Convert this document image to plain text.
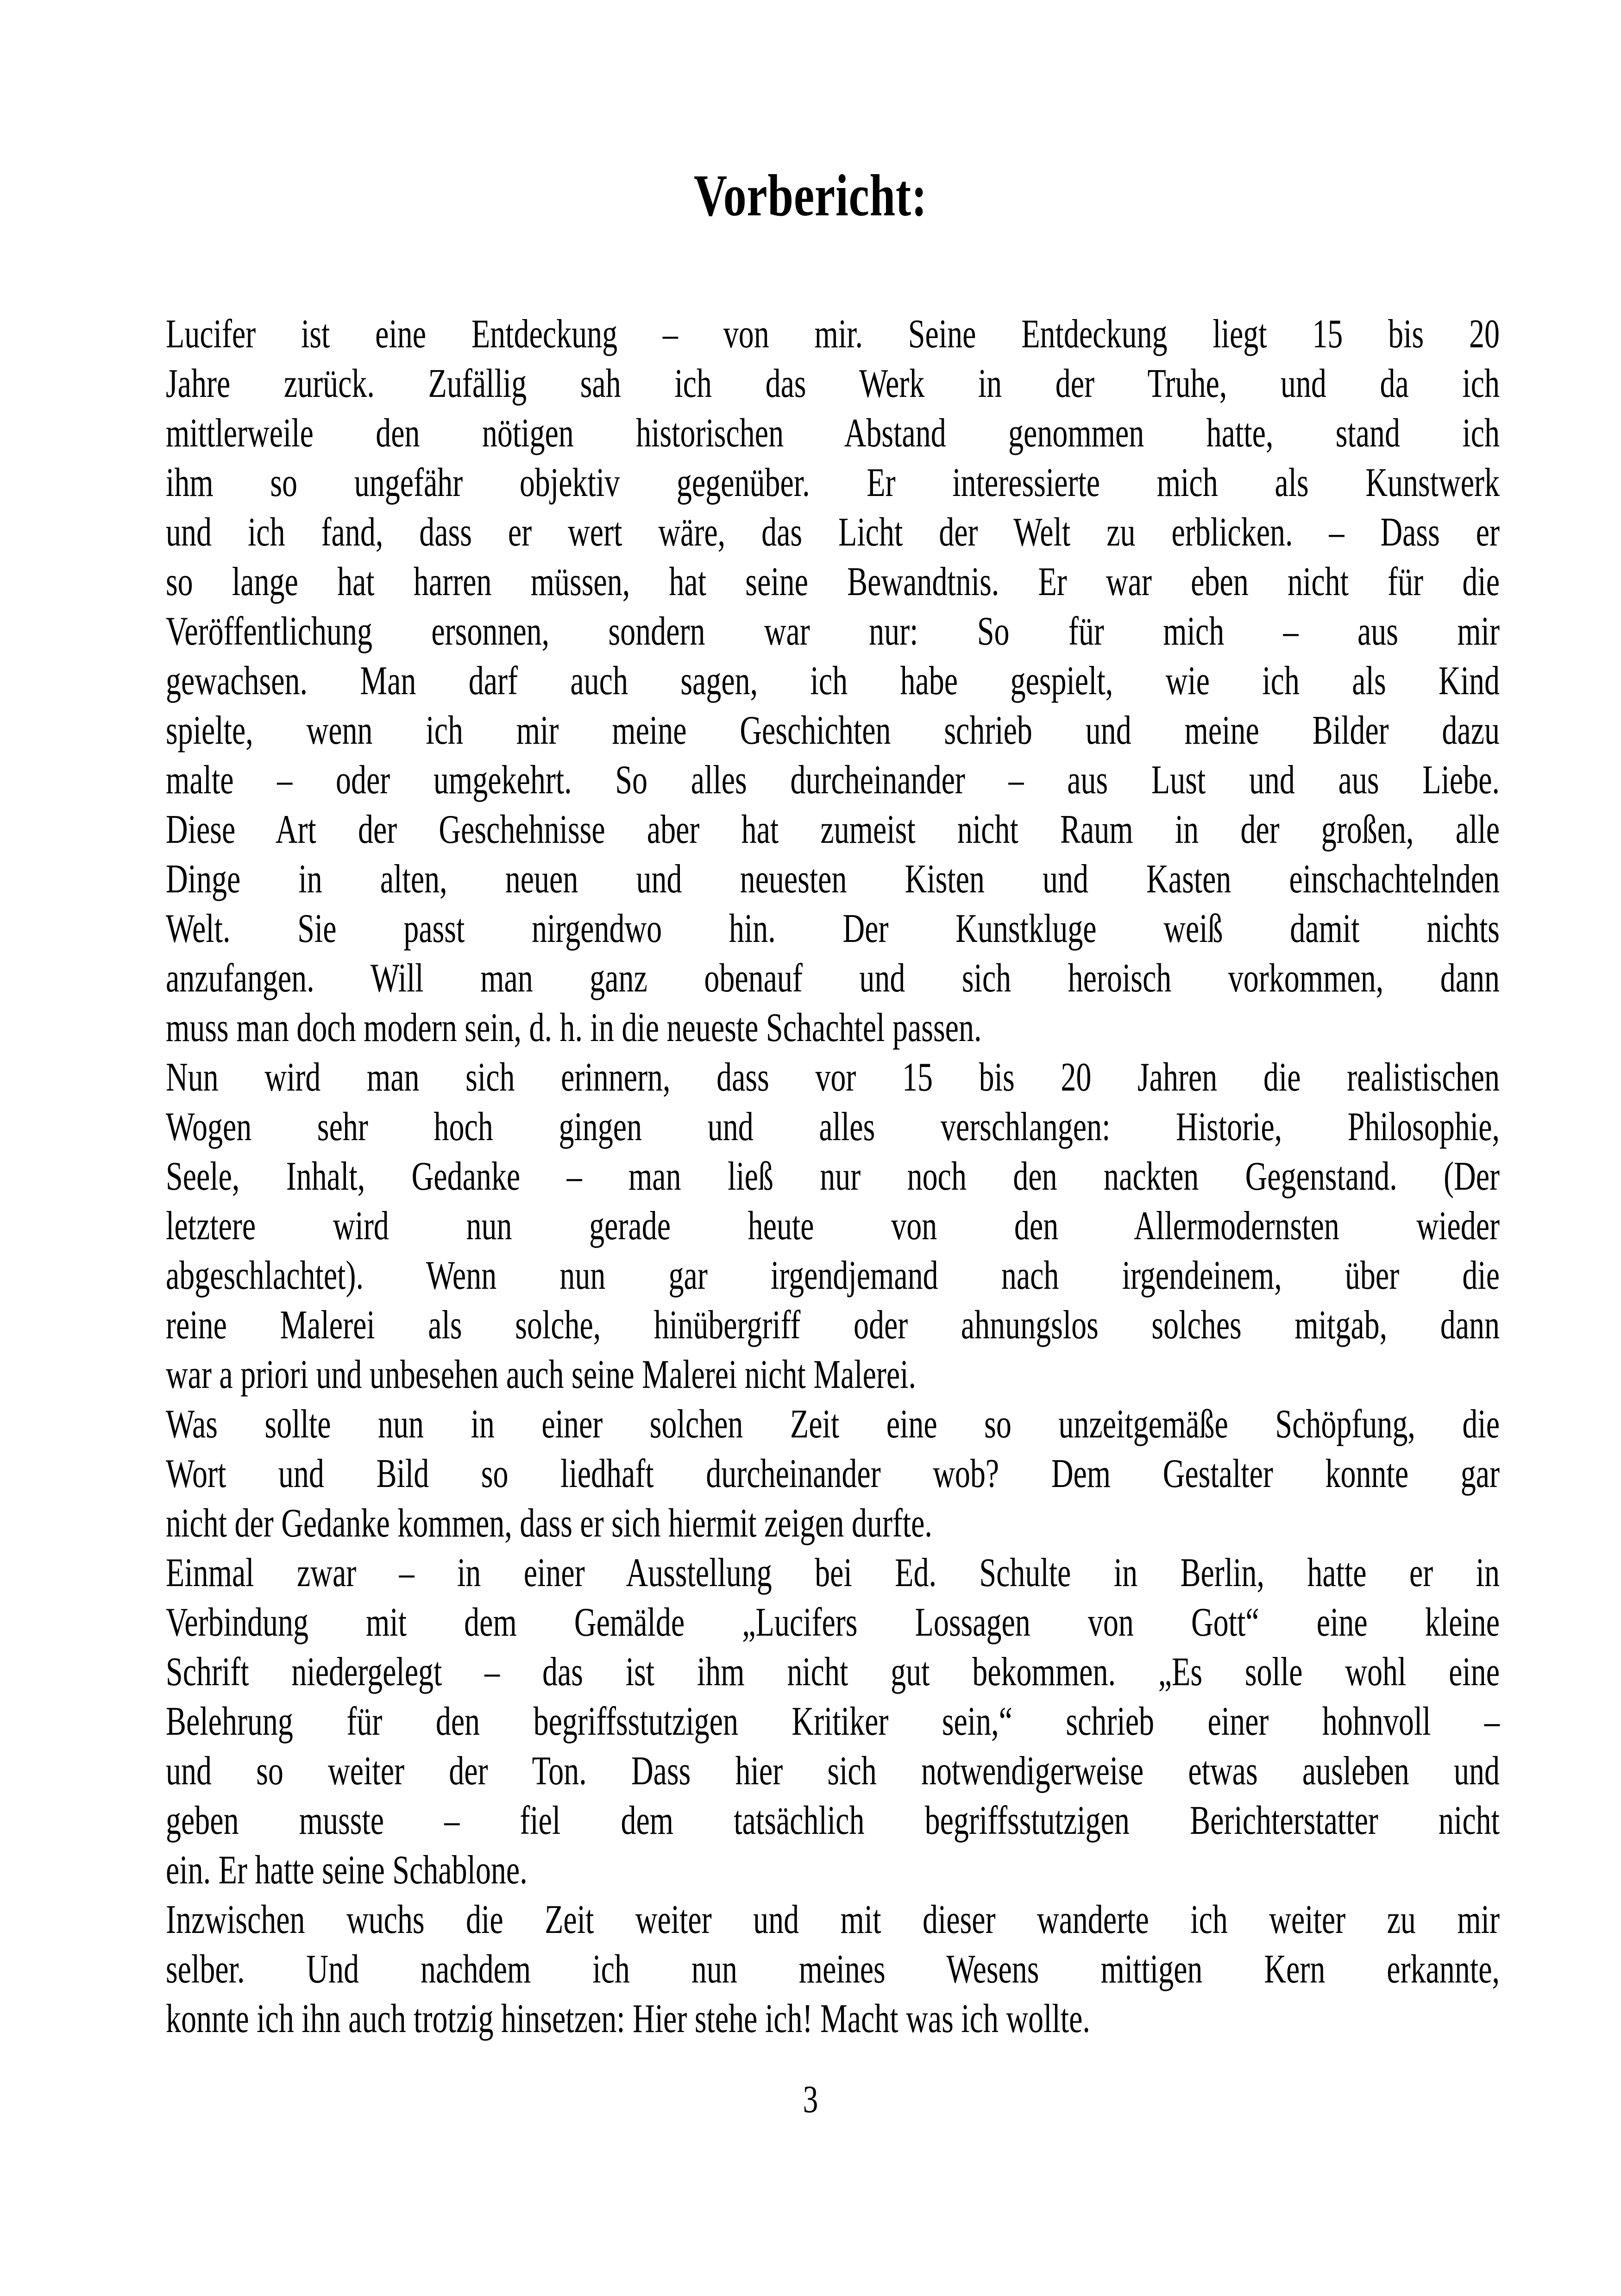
Vorbericht:
Lucifer ist eine Entdeckung – von mir. Seine Entdeckung liegt 15 bis 20
Jahre zurück. Zufällig sah ich das Werk in der Truhe, und da ich
mittlerweile den nötigen historischen Abstand genommen hatte, stand ich
ihm so ungefähr objektiv gegenüber. Er interessierte mich als Kunstwerk
und ich fand, dass er wert wäre, das Licht der Welt zu erblicken. – Dass er
so lange hat harren müssen, hat seine Bewandtnis. Er war eben nicht für die
Veröffentlichung ersonnen, sondern war nur: So für mich – aus mir
gewachsen. Man darf auch sagen, ich habe gespielt, wie ich als Kind
spielte, wenn ich mir meine Geschichten schrieb und meine Bilder dazu
malte – oder umgekehrt. So alles durcheinander – aus Lust und aus Liebe.
Diese Art der Geschehnisse aber hat zumeist nicht Raum in der großen, alle
Dinge in alten, neuen und neuesten Kisten und Kasten einschachtelnden
Welt. Sie passt nirgendwo hin. Der Kunstkluge weiß damit nichts
anzufangen. Will man ganz obenauf und sich heroisch vorkommen, dann
muss man doch modern sein, d. h. in die neueste Schachtel passen.
Nun wird man sich erinnern, dass vor 15 bis 20 Jahren die realistischen
Wogen sehr hoch gingen und alles verschlangen: Historie, Philosophie,
Seele, Inhalt, Gedanke – man ließ nur noch den nackten Gegenstand. (Der
letztere wird nun gerade heute von den Allermodernsten wieder
abgeschlachtet). Wenn nun gar irgendjemand nach irgendeinem, über die
reine Malerei als solche, hinübergriff oder ahnungslos solches mitgab, dann
war a priori und unbesehen auch seine Malerei nicht Malerei.
Was sollte nun in einer solchen Zeit eine so unzeitgemäße Schöpfung, die
Wort und Bild so liedhaft durcheinander wob? Dem Gestalter konnte gar
nicht der Gedanke kommen, dass er sich hiermit zeigen durfte.
Einmal zwar – in einer Ausstellung bei Ed. Schulte in Berlin, hatte er in
Verbindung mit dem Gemälde „Lucifers Lossagen von Gott“ eine kleine
Schrift niedergelegt – das ist ihm nicht gut bekommen. „Es solle wohl eine
Belehrung für den begriffsstutzigen Kritiker sein,“ schrieb einer hohnvoll –
und so weiter der Ton. Dass hier sich notwendigerweise etwas ausleben und
geben musste – fiel dem tatsächlich begriffsstutzigen Berichterstatter nicht
ein. Er hatte seine Schablone.
Inzwischen wuchs die Zeit weiter und mit dieser wanderte ich weiter zu mir
selber. Und nachdem ich nun meines Wesens mittigen Kern erkannte,
konnte ich ihn auch trotzig hinsetzen: Hier stehe ich! Macht was ich wollte.
3
